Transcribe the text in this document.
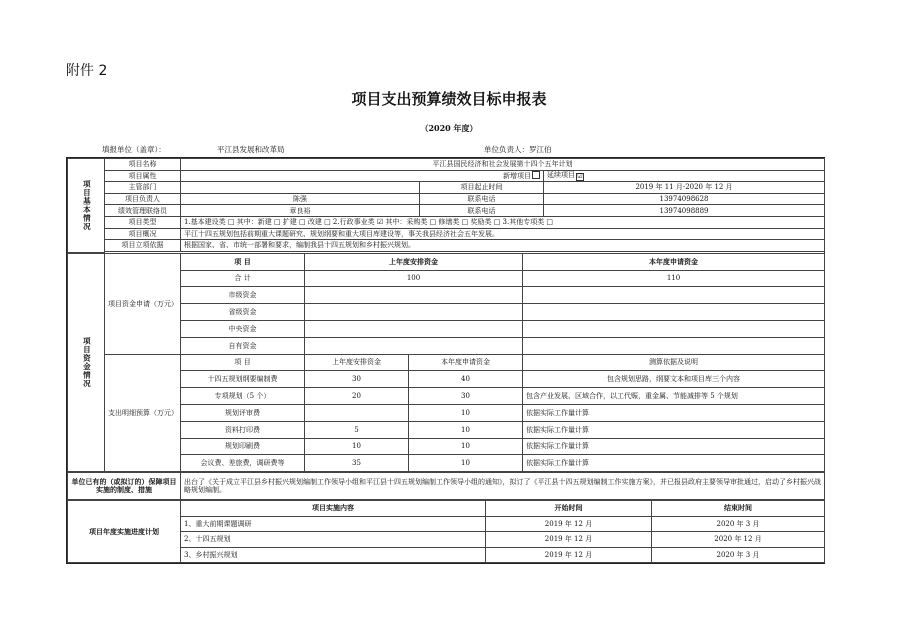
附件 2
项目支出预算绩效目标申报表
（2020 年度）
填报单位（盖章）：	平江县发展和改革局	单位负责人：罗江伯
项目基本情况	项目名称	平江县国民经济和社会发展第十四个五年计划		
	项目属性	新增项目		延续项目 ☑
	主管部门		项目起止时间	2019 年 11 月-2020 年 12 月
	项目负责人	陈强	联系电话	13974098628
	绩效管理联络员	章良裕	联系电话	13974098889
	项目类型	1.基本建设类 □ 其中：新建 □ 扩建 □ 改建 □ 2.行政事业类 ☑ 其中：采购类 □ 修缮类 □ 奖励类 □ 3.其他专项类 □		
	项目概况	平江十四五规划包括前期重大课题研究、规划纲要和重大项目库建设等，事关我县经济社会五年发展。		
	项目立项依据	根据国家、省、市统一部署和要求，编制我县十四五规划和乡村振兴规划。		

项目资金情况	项目资金申请（万元）	项 目	上年度安排资金		本年度申请资金
		合 计	100		110
		市级资金			
		省级资金			
		中央资金			
		自有资金			
	支出明细预算（万元）	项 目	上年度安排资金	本年度申请资金	测算依据及说明
		十四五规划纲要编制费	30	40	包含规划思路，纲要文本和项目库三个内容
		专项规划（5 个）	20	30	包含产业发展、区域合作，以工代赈，重金属、节能减排等 5 个规划
		规划评审费		10	依据实际工作量计算
		资料打印费	5	10	依据实际工作量计算
		规划印刷费	10	10	依据实际工作量计算
		会议费、差旅费，调研费等	35	10	依据实际工作量计算
单位已有的（或拟订的）保障项目实施的制度、措施	出台了《关于成立平江县乡村振兴规划编制工作领导小组和平江县十四五规划编制工作领导小组的通知》，拟订了《平江县十四五规划编制工作实施方案》，并已报县政府主要领导审批通过，启动了乡村振兴战略规划编制。
项目年度实施进度计划	项目实施内容	开始时间	结束时间
	1、重大前期课题调研	2019 年 12 月	2020 年 3 月
	2、十四五规划	2019 年 12 月	2020 年 12 月
	3、乡村振兴规划	2019 年 12 月	2020 年 3 月
